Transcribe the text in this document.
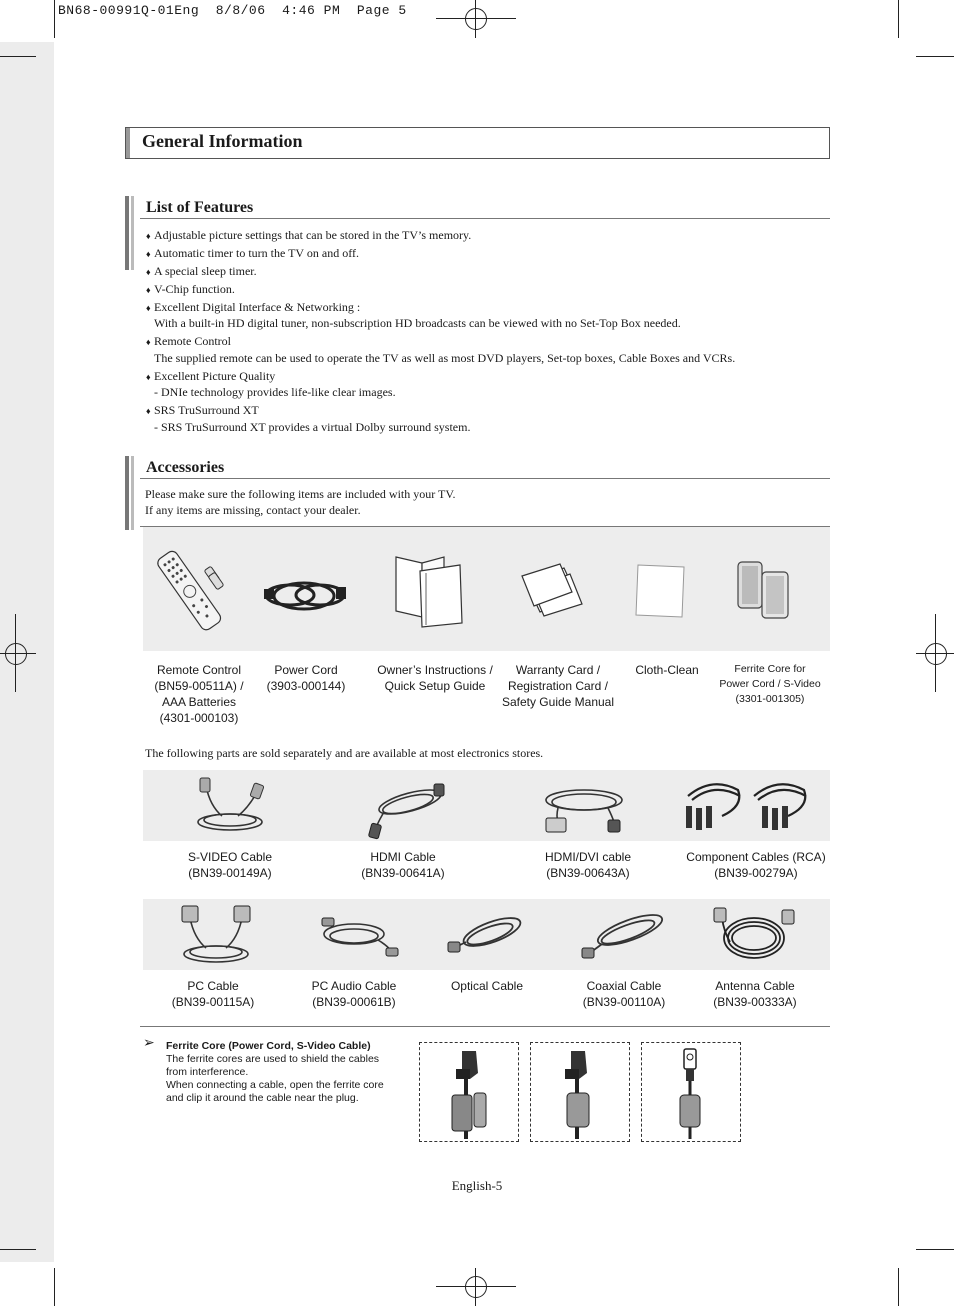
BN68-00991Q-01Eng  8/8/06  4:46 PM  Page 5
General Information
List of Features
♦ Adjustable picture settings that can be stored in the TV’s memory.
♦ Automatic timer to turn the TV on and off.
♦ A special sleep timer.
♦ V-Chip function.
♦ Excellent Digital Interface & Networking :
With a built-in HD digital tuner, non-subscription HD broadcasts can be viewed with no Set-Top Box needed.
♦ Remote Control
The supplied remote can be used to operate the TV as well as most DVD players, Set-top boxes, Cable Boxes and VCRs.
♦ Excellent Picture Quality
- DNIe technology provides life-like clear images.
♦ SRS TruSurround XT
- SRS TruSurround XT provides a virtual Dolby surround system.
Accessories
Please make sure the following items are included with your TV.
If any items are missing, contact your dealer.
Remote Control
(BN59-00511A) /
AAA Batteries
(4301-000103)
Power Cord
(3903-000144)
Owner’s Instructions /
Quick Setup Guide
Warranty Card /
Registration Card /
Safety Guide Manual
Cloth-Clean	Ferrite Core for
Power Cord / S-Video
(3301-001305)
The following parts are sold separately and are available at most electronics stores.
S-VIDEO Cable
(BN39-00149A)
HDMI Cable
(BN39-00641A)
HDMI/DVI cable
(BN39-00643A)
Component Cables (RCA)
(BN39-00279A)
PC Cable
(BN39-00115A)
PC Audio Cable
(BN39-00061B)
Optical Cable	Coaxial Cable
(BN39-00110A)
Antenna Cable
(BN39-00333A)
➢ Ferrite Core (Power Cord, S-Video Cable)
The ferrite cores are used to shield the cables
from interference.
When connecting a cable, open the ferrite core
and clip it around the cable near the plug.
English-5
